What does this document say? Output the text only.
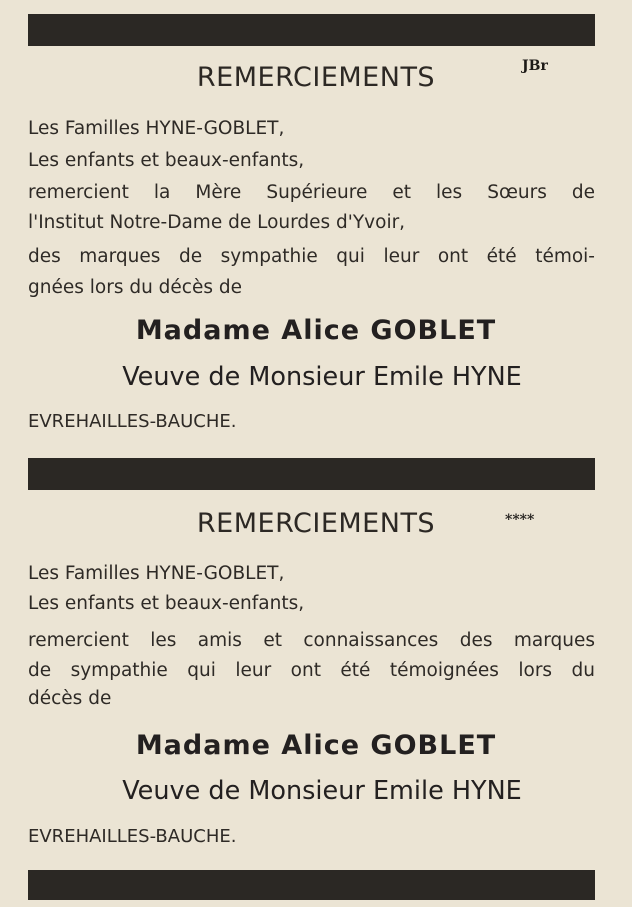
REMERCIEMENTS	JBr
Les Familles HYNE-GOBLET,
Les enfants et beaux-enfants,
remercient la Mère Supérieure et les Sœurs de
l'Institut Notre-Dame de Lourdes d'Yvoir,
des marques de sympathie qui leur ont été témoi-
gnées lors du décès de
Madame Alice GOBLET
Veuve de Monsieur Emile HYNE
EVREHAILLES-BAUCHE.
REMERCIEMENTS	****
Les Familles HYNE-GOBLET,
Les enfants et beaux-enfants,
remercient les amis et connaissances des marques
de sympathie qui leur ont été témoignées lors du
décès de
Madame Alice GOBLET
Veuve de Monsieur Emile HYNE
EVREHAILLES-BAUCHE.
